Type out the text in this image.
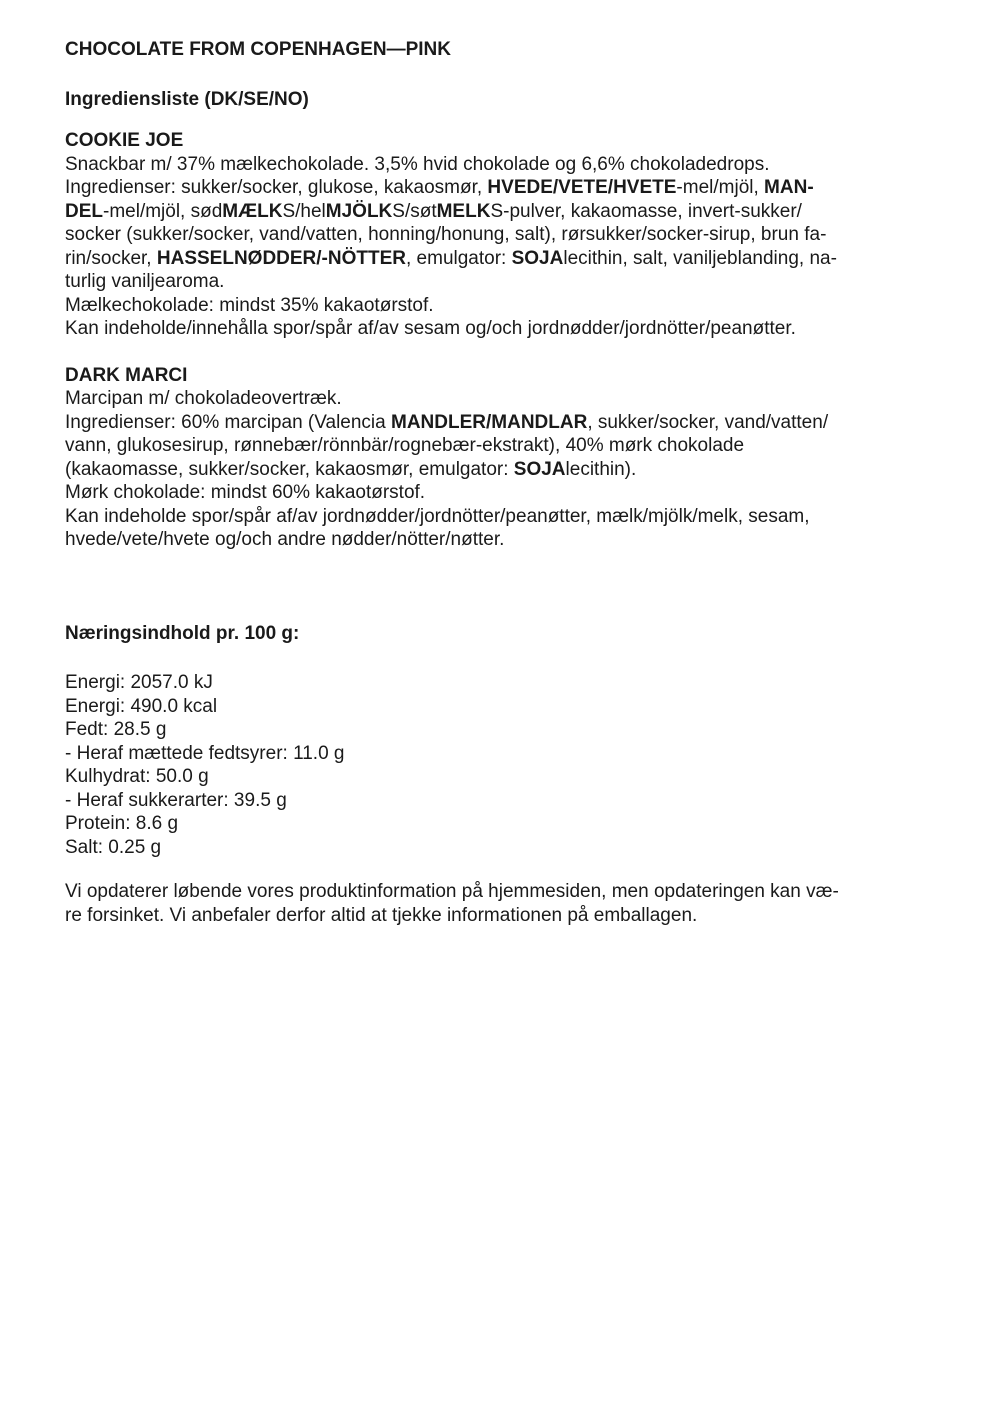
CHOCOLATE FROM COPENHAGEN—PINK
Ingrediensliste (DK/SE/NO)
COOKIE JOE
Snackbar m/ 37% mælkechokolade. 3,5% hvid chokolade og 6,6% chokoladedrops.
Ingredienser: sukker/socker, glukose, kakaosmør, HVEDE/VETE/HVETE-mel/mjöl, MAN-
DEL-mel/mjöl, sødMÆLKS/helMJÖLKS/søtMELKS-pulver, kakaomasse, invert-sukker/
socker (sukker/socker, vand/vatten, honning/honung, salt), rørsukker/socker-sirup, brun fa-
rin/socker, HASSELNØDDER/-NÖTTER, emulgator: SOJAlecithin, salt, vaniljeblanding, na-
turlig vaniljearoma.
Mælkechokolade: mindst 35% kakaotørstof.
Kan indeholde/innehålla spor/spår af/av sesam og/och jordnødder/jordnötter/peanøtter.
DARK MARCI
Marcipan m/ chokoladeovertræk.
Ingredienser: 60% marcipan (Valencia MANDLER/MANDLAR, sukker/socker, vand/vatten/
vann, glukosesirup, rønnebær/rönnbär/rognebær-ekstrakt), 40% mørk chokolade
(kakaomasse, sukker/socker, kakaosmør, emulgator: SOJAlecithin).
Mørk chokolade: mindst 60% kakaotørstof.
Kan indeholde spor/spår af/av jordnødder/jordnötter/peanøtter, mælk/mjölk/melk, sesam,
hvede/vete/hvete og/och andre nødder/nötter/nøtter.
Næringsindhold pr. 100 g:
Energi: 2057.0 kJ
Energi: 490.0 kcal
Fedt: 28.5 g
- Heraf mættede fedtsyrer: 11.0 g
Kulhydrat: 50.0 g
- Heraf sukkerarter: 39.5 g
Protein: 8.6 g
Salt: 0.25 g
Vi opdaterer løbende vores produktinformation på hjemmesiden, men opdateringen kan væ-
re forsinket. Vi anbefaler derfor altid at tjekke informationen på emballagen.
